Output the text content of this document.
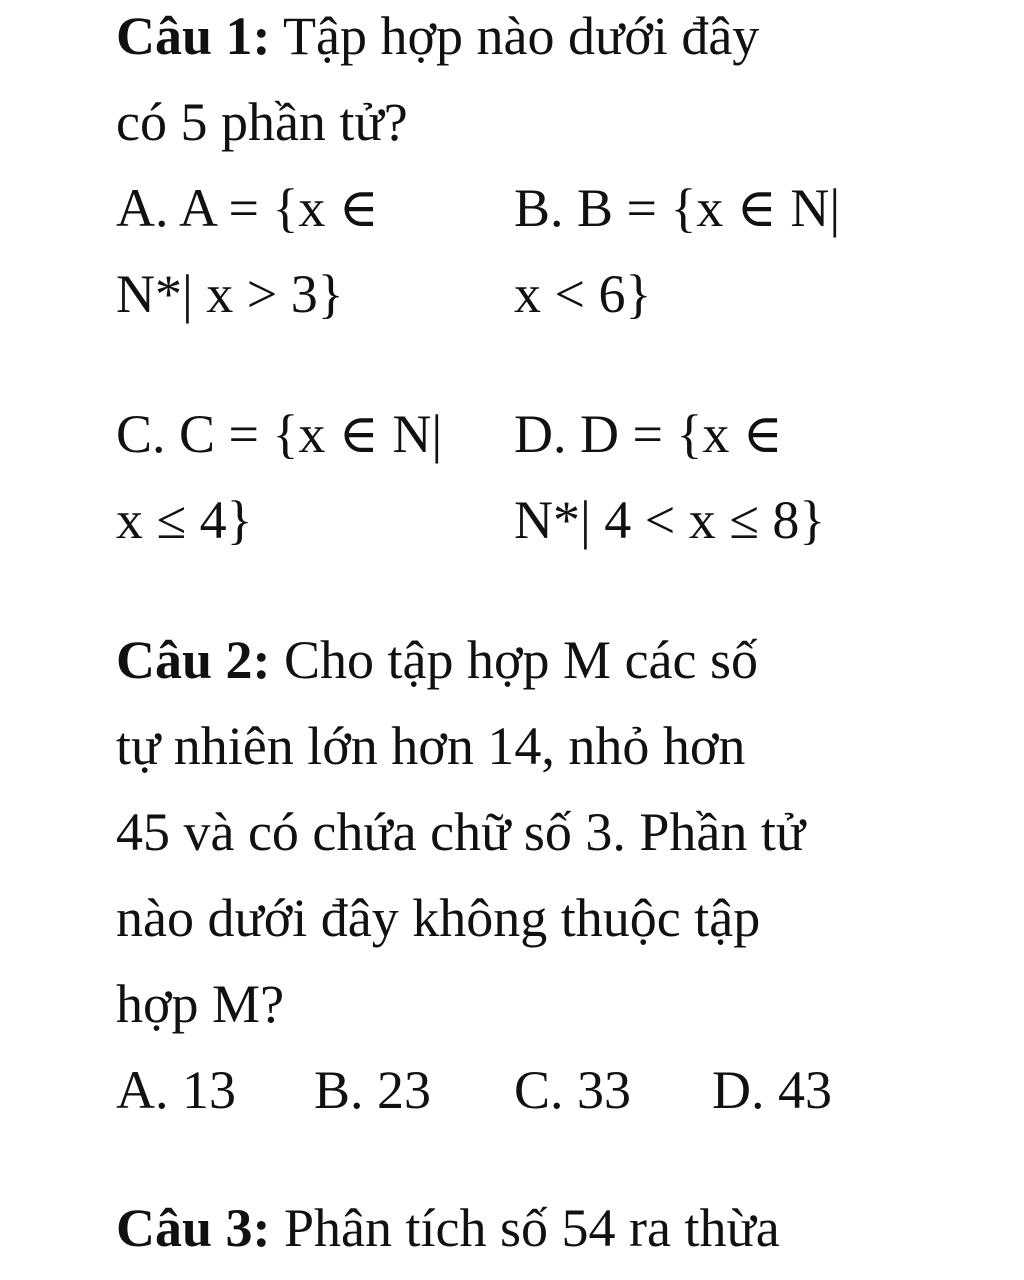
Câu 1: Tập hợp nào dưới đây
có 5 phần tử?
A. A = {x ∈
N*| x > 3}
B. B = {x ∈ N|
x < 6}
C. C = {x ∈ N|
x ≤ 4}
D. D = {x ∈
N*| 4 < x ≤ 8}
Câu 2: Cho tập hợp M các số
tự nhiên lớn hơn 14, nhỏ hơn
45 và có chứa chữ số 3. Phần tử
nào dưới đây không thuộc tập
hợp M?
A. 13 B. 23 C. 33 D. 43
Câu 3: Phân tích số 54 ra thừa
